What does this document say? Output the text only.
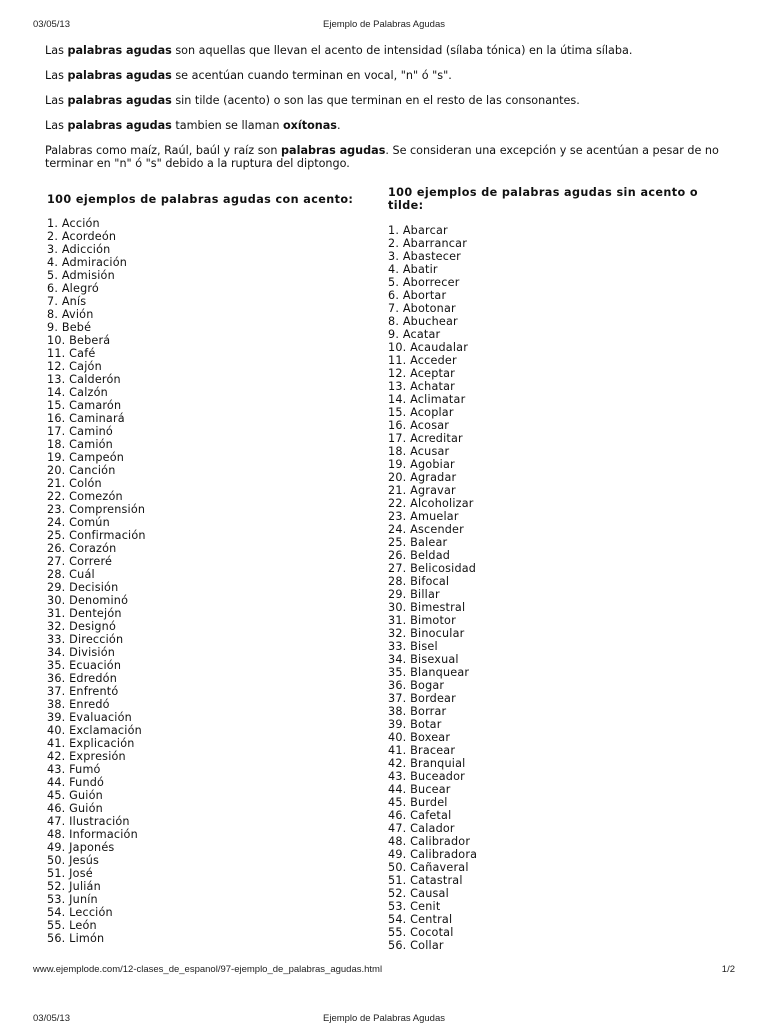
03/05/13	Ejemplo de Palabras Agudas

Las palabras agudas son aquellas que llevan el acento de intensidad (sílaba tónica) en la útima sílaba.

Las palabras agudas se acentúan cuando terminan en vocal, "n" ó "s".

Las palabras agudas sin tilde (acento) o son las que terminan en el resto de las consonantes.

Las palabras agudas tambien se llaman oxítonas.

Palabras como maíz, Raúl, baúl y raíz son palabras agudas. Se consideran una excepción y se acentúan a pesar de no terminar en "n" ó "s" debido a la ruptura del diptongo.

100 ejemplos de palabras agudas con acento:
1. Acción
2. Acordeón
3. Adicción
4. Admiración
5. Admisión
6. Alegró
7. Anís
8. Avión
9. Bebé
10. Beberá
11. Café
12. Cajón
13. Calderón
14. Calzón
15. Camarón
16. Caminará
17. Caminó
18. Camión
19. Campeón
20. Canción
21. Colón
22. Comezón
23. Comprensión
24. Común
25. Confirmación
26. Corazón
27. Correré
28. Cuál
29. Decisión
30. Denominó
31. Dentejón
32. Designó
33. Dirección
34. División
35. Ecuación
36. Edredón
37. Enfrentó
38. Enredó
39. Evaluación
40. Exclamación
41. Explicación
42. Expresión
43. Fumó
44. Fundó
45. Guión
46. Guión
47. Ilustración
48. Información
49. Japonés
50. Jesús
51. José
52. Julián
53. Junín
54. Lección
55. León
56. Limón
100 ejemplos de palabras agudas sin acento o
tilde:
1. Abarcar
2. Abarrancar
3. Abastecer
4. Abatir
5. Aborrecer
6. Abortar
7. Abotonar
8. Abuchear
9. Acatar
10. Acaudalar
11. Acceder
12. Aceptar
13. Achatar
14. Aclimatar
15. Acoplar
16. Acosar
17. Acreditar
18. Acusar
19. Agobiar
20. Agradar
21. Agravar
22. Alcoholizar
23. Amuelar
24. Ascender
25. Balear
26. Beldad
27. Belicosidad
28. Bifocal
29. Billar
30. Bimestral
31. Bimotor
32. Binocular
33. Bisel
34. Bisexual
35. Blanquear
36. Bogar
37. Bordear
38. Borrar
39. Botar
40. Boxear
41. Bracear
42. Branquial
43. Buceador
44. Bucear
45. Burdel
46. Cafetal
47. Calador
48. Calibrador
49. Calibradora
50. Cañaveral
51. Catastral
52. Causal
53. Cenit
54. Central
55. Cocotal
56. Collar
www.ejemplode.com/12-clases_de_espanol/97-ejemplo_de_palabras_agudas.html	1/2
03/05/13	Ejemplo de Palabras Agudas
